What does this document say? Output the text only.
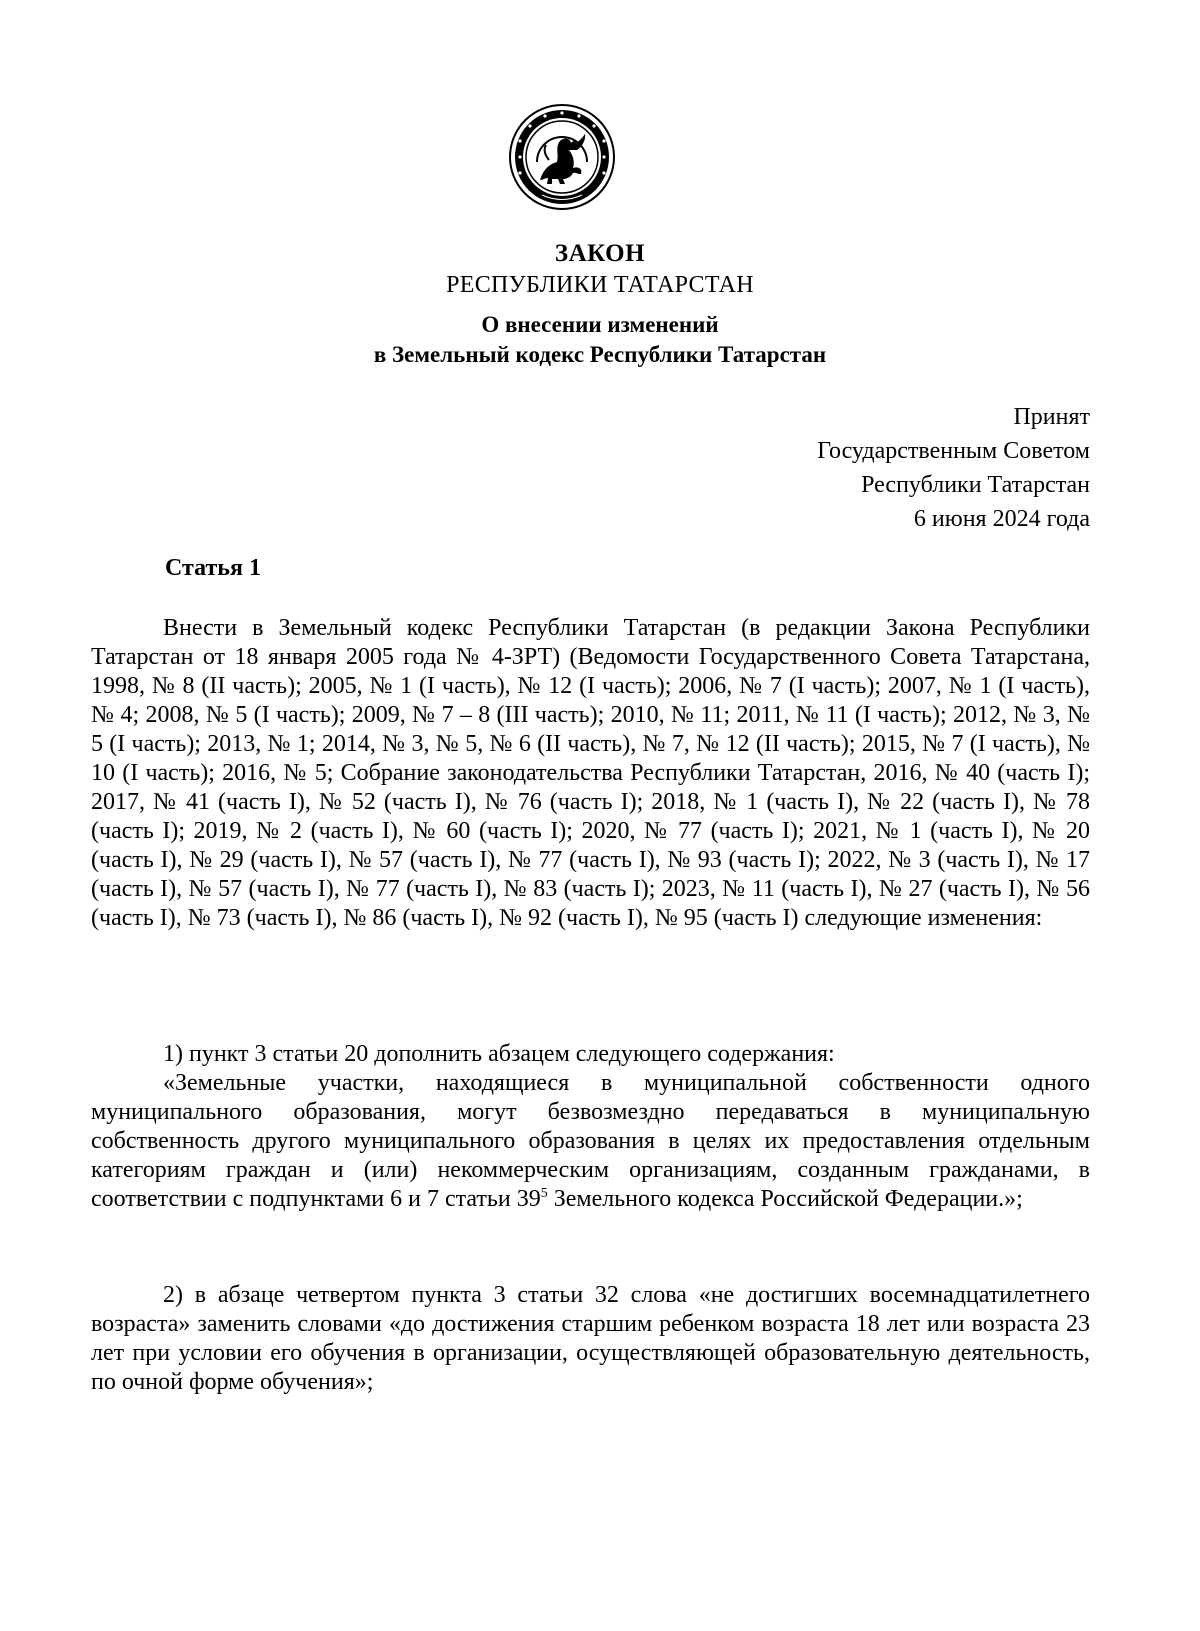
ЗАКОН
РЕСПУБЛИКИ ТАТАРСТАН
О внесении изменений
в Земельный кодекс Республики Татарстан
Принят
Государственным Советом
Республики Татарстан
6 июня 2024 года
Статья 1

Внести в Земельный кодекс Республики Татарстан (в редакции Закона Республики Татарстан от 18 января 2005 года № 4-ЗРТ) (Ведомости Государственного Совета Татарстана, 1998, № 8 (II часть); 2005, № 1 (I часть), № 12 (I часть); 2006, № 7 (I часть); 2007, № 1 (I часть), № 4; 2008, № 5 (I часть); 2009, № 7 – 8 (III часть); 2010, № 11; 2011, № 11 (I часть); 2012, № 3, № 5 (I часть); 2013, № 1; 2014, № 3, № 5, № 6 (II часть), № 7, № 12 (II часть); 2015, № 7 (I часть), № 10 (I часть); 2016, № 5; Собрание законодательства Республики Татарстан, 2016, № 40 (часть I); 2017, № 41 (часть I), № 52 (часть I), № 76 (часть I); 2018, № 1 (часть I), № 22 (часть I), № 78 (часть I); 2019, № 2 (часть I), № 60 (часть I); 2020, № 77 (часть I); 2021, № 1 (часть I), № 20 (часть I), № 29 (часть I), № 57 (часть I), № 77 (часть I), № 93 (часть I); 2022, № 3 (часть I), № 17 (часть I), № 57 (часть I), № 77 (часть I), № 83 (часть I); 2023, № 11 (часть I), № 27 (часть I), № 56 (часть I), № 73 (часть I), № 86 (часть I), № 92 (часть I), № 95 (часть I) следующие изменения:

1) пункт 3 статьи 20 дополнить абзацем следующего содержания:

«Земельные участки, находящиеся в муниципальной собственности одного муниципального образования, могут безвозмездно передаваться в муниципальную собственность другого муниципального образования в целях их предоставления отдельным категориям граждан и (или) некоммерческим организациям, созданным гражданами, в соответствии с подпунктами 6 и 7 статьи $39^5$ Земельного кодекса Российской Федерации.»;

2) в абзаце четвертом пункта 3 статьи 32 слова «не достигших восемнадцатилетнего возраста» заменить словами «до достижения старшим ребенком возраста 18 лет или возраста 23 лет при условии его обучения в организации, осуществляющей образовательную деятельность, по очной форме обучения»;
